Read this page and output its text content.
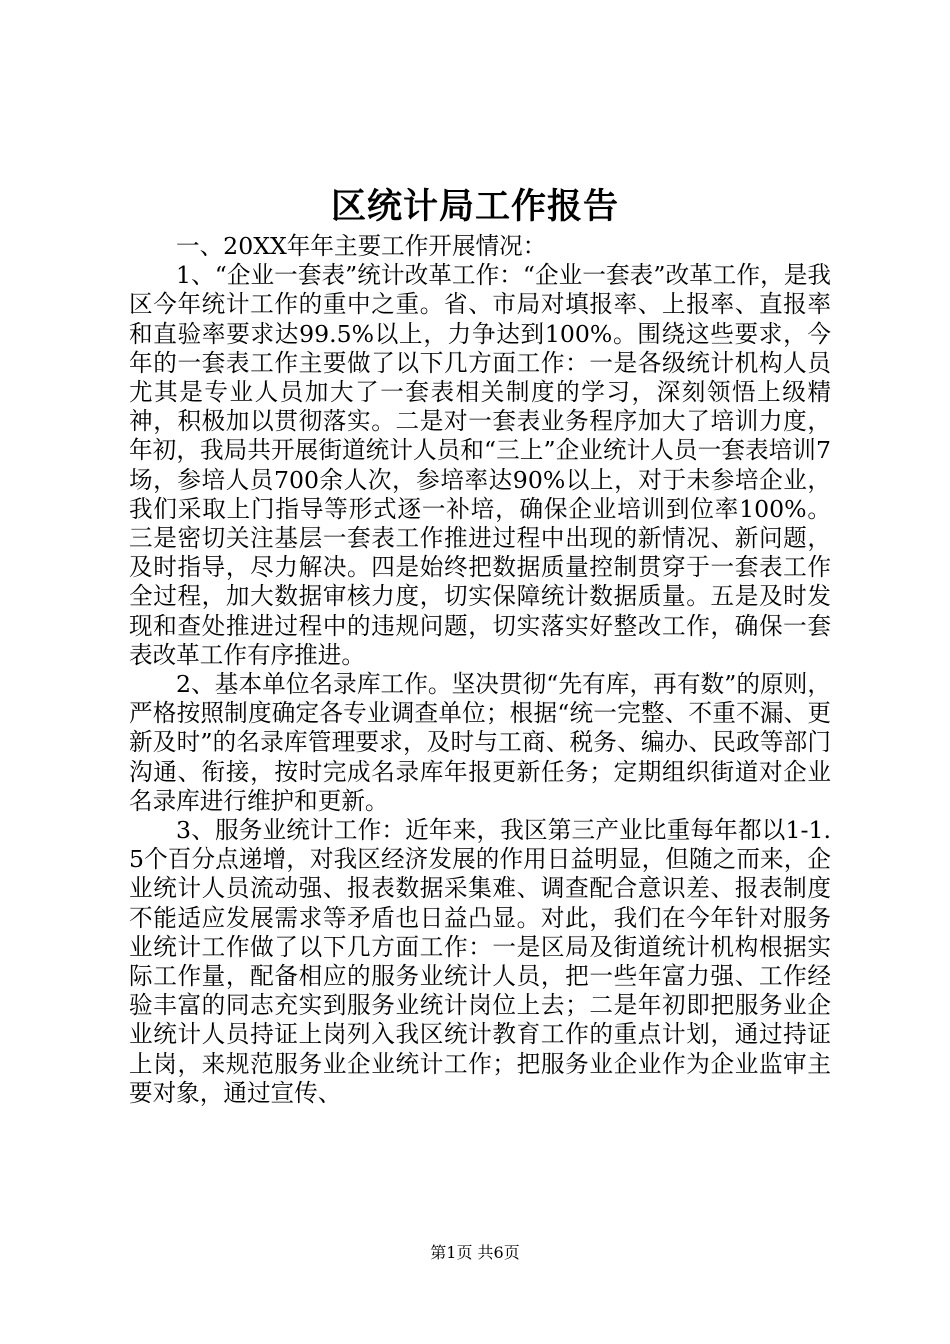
区统计局工作报告

一、20XX年年主要工作开展情况：

1、“企业一套表”统计改革工作：“企业一套表”改革工作，是我区今年统计工作的重中之重。省、市局对填报率、上报率、直报率和直验率要求达99.5%以上，力争达到100%。围绕这些要求，今年的一套表工作主要做了以下几方面工作：一是各级统计机构人员尤其是专业人员加大了一套表相关制度的学习，深刻领悟上级精神，积极加以贯彻落实。二是对一套表业务程序加大了培训力度，年初，我局共开展街道统计人员和“三上”企业统计人员一套表培训7场，参培人员700余人次，参培率达90%以上，对于未参培企业，我们采取上门指导等形式逐一补培，确保企业培训到位率100%。三是密切关注基层一套表工作推进过程中出现的新情况、新问题，及时指导，尽力解决。四是始终把数据质量控制贯穿于一套表工作全过程，加大数据审核力度，切实保障统计数据质量。五是及时发现和查处推进过程中的违规问题，切实落实好整改工作，确保一套表改革工作有序推进。

2、基本单位名录库工作。坚决贯彻“先有库，再有数”的原则，严格按照制度确定各专业调查单位；根据“统一完整、不重不漏、更新及时”的名录库管理要求，及时与工商、税务、编办、民政等部门沟通、衔接，按时完成名录库年报更新任务；定期组织街道对企业名录库进行维护和更新。

3、服务业统计工作：近年来，我区第三产业比重每年都以1-1.5个百分点递增，对我区经济发展的作用日益明显，但随之而来，企业统计人员流动强、报表数据采集难、调查配合意识差、报表制度不能适应发展需求等矛盾也日益凸显。对此，我们在今年针对服务业统计工作做了以下几方面工作：一是区局及街道统计机构根据实际工作量，配备相应的服务业统计人员，把一些年富力强、工作经验丰富的同志充实到服务业统计岗位上去；二是年初即把服务业企业统计人员持证上岗列入我区统计教育工作的重点计划，通过持证上岗，来规范服务业企业统计工作；把服务业企业作为企业监审主要对象，通过宣传、

第1页 共6页
